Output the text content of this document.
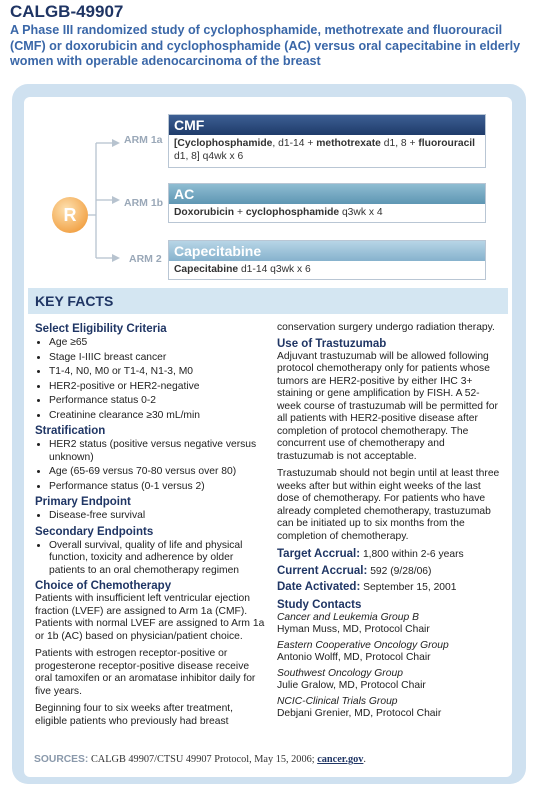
CALGB-49907
A Phase III randomized study of cyclophosphamide, methotrexate and fluorouracil (CMF) or doxorubicin and cyclophosphamide (AC) versus oral capecitabine in elderly women with operable adenocarcinoma of the breast
R
ARM 1a
ARM 1b
ARM 2
CMF
[Cyclophosphamide, d1-14 + methotrexate d1, 8 + fluorouracil d1, 8] q4wk x 6
AC
Doxorubicin + cyclophosphamide q3wk x 4
Capecitabine
Capecitabine d1-14 q3wk x 6
KEY FACTS
Select Eligibility Criteria
• Age ≥65
• Stage I-IIIC breast cancer
• T1-4, N0, M0 or T1-4, N1-3, M0
• HER2-positive or HER2-negative
• Performance status 0-2
• Creatinine clearance ≥30 mL/min
Stratification
• HER2 status (positive versus negative versus unknown)
• Age (65-69 versus 70-80 versus over 80)
• Performance status (0-1 versus 2)
Primary Endpoint
• Disease-free survival
Secondary Endpoints
• Overall survival, quality of life and physical function, toxicity and adherence by older patients to an oral chemotherapy regimen
Choice of Chemotherapy

Patients with insufficient left ventricular ejection fraction (LVEF) are assigned to Arm 1a (CMF). Patients with normal LVEF are assigned to Arm 1a or 1b (AC) based on physician/patient choice.

Patients with estrogen receptor-positive or progesterone receptor-positive disease receive oral tamoxifen or an aromatase inhibitor daily for five years.

Beginning four to six weeks after treatment, eligible patients who previously had breast

conservation surgery undergo radiation therapy.

Use of Trastuzumab

Adjuvant trastuzumab will be allowed following protocol chemotherapy only for patients whose tumors are HER2-positive by either IHC 3+ staining or gene amplification by FISH. A 52-week course of trastuzumab will be permitted for all patients with HER2-positive disease after completion of protocol chemotherapy. The concurrent use of chemotherapy and trastuzumab is not acceptable.

Trastuzumab should not begin until at least three weeks after but within eight weeks of the last dose of chemotherapy. For patients who have already completed chemotherapy, trastuzumab can be initiated up to six months from the completion of chemotherapy.

Target Accrual: 1,800 within 2-6 years
Current Accrual: 592 (9/28/06)
Date Activated: September 15, 2001
Study Contacts
Cancer and Leukemia Group B
Hyman Muss, MD, Protocol Chair
Eastern Cooperative Oncology Group
Antonio Wolff, MD, Protocol Chair
Southwest Oncology Group
Julie Gralow, MD, Protocol Chair
NCIC-Clinical Trials Group
Debjani Grenier, MD, Protocol Chair
SOURCES: CALGB 49907/CTSU 49907 Protocol, May 15, 2006; cancer.gov.
